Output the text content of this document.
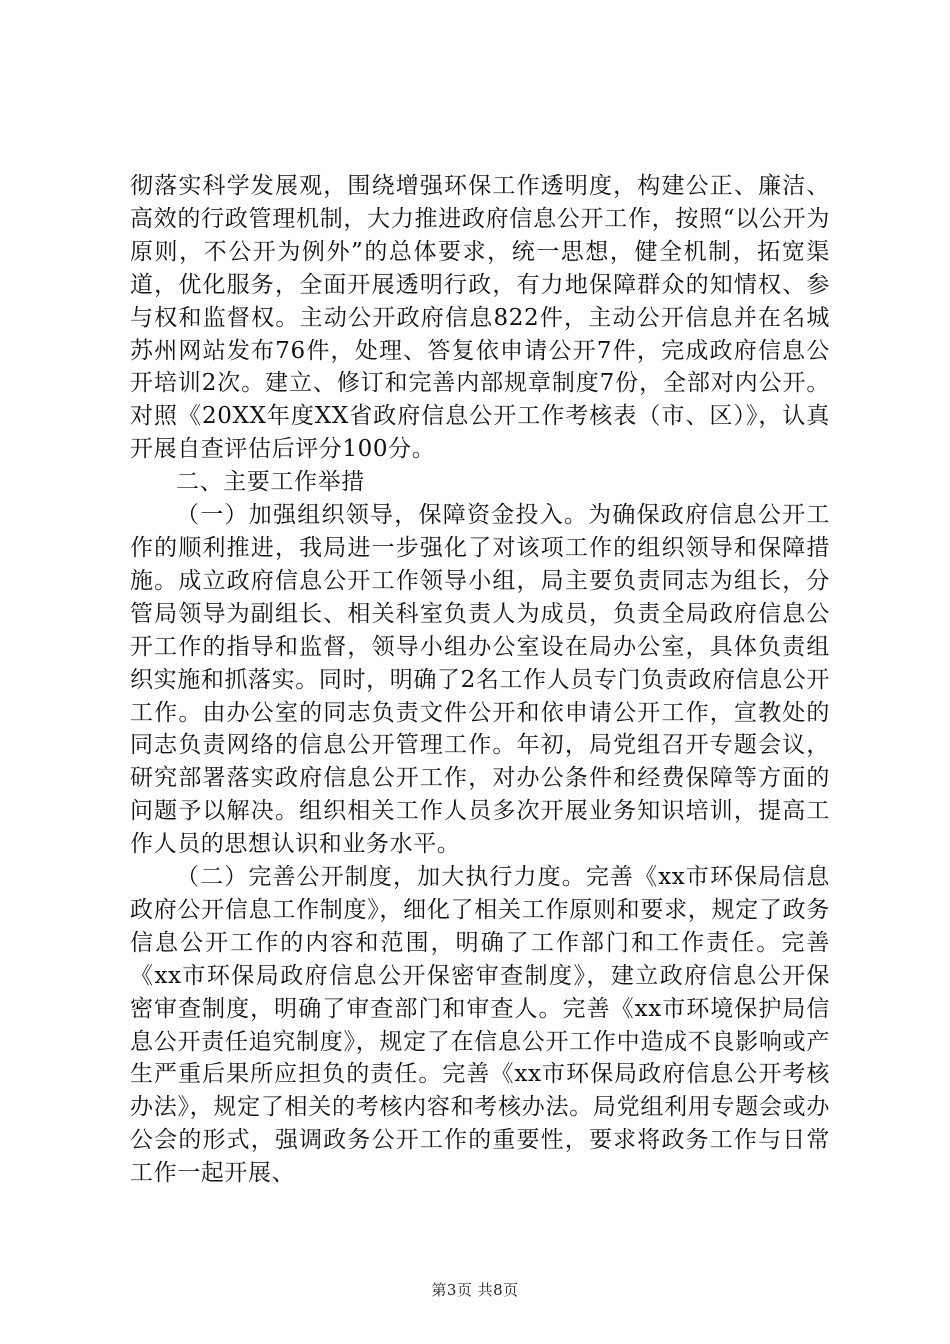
彻落实科学发展观，围绕增强环保工作透明度，构建公正、廉洁、高效的行政管理机制，大力推进政府信息公开工作，按照“以公开为原则，不公开为例外”的总体要求，统一思想，健全机制，拓宽渠道，优化服务，全面开展透明行政，有力地保障群众的知情权、参与权和监督权。主动公开政府信息822件，主动公开信息并在名城苏州网站发布76件，处理、答复依申请公开7件，完成政府信息公开培训2次。建立、修订和完善内部规章制度7份，全部对内公开。对照《20XX年度XX省政府信息公开工作考核表（市、区）》，认真开展自查评估后评分100分。

二、主要工作举措

（一）加强组织领导，保障资金投入。为确保政府信息公开工作的顺利推进，我局进一步强化了对该项工作的组织领导和保障措施。成立政府信息公开工作领导小组，局主要负责同志为组长，分管局领导为副组长、相关科室负责人为成员，负责全局政府信息公开工作的指导和监督，领导小组办公室设在局办公室，具体负责组织实施和抓落实。同时，明确了2名工作人员专门负责政府信息公开工作。由办公室的同志负责文件公开和依申请公开工作，宣教处的同志负责网络的信息公开管理工作。年初，局党组召开专题会议，研究部署落实政府信息公开工作，对办公条件和经费保障等方面的问题予以解决。组织相关工作人员多次开展业务知识培训，提高工作人员的思想认识和业务水平。

（二）完善公开制度，加大执行力度。完善《xx市环保局信息政府公开信息工作制度》，细化了相关工作原则和要求，规定了政务信息公开工作的内容和范围，明确了工作部门和工作责任。完善《xx市环保局政府信息公开保密审查制度》，建立政府信息公开保密审查制度，明确了审查部门和审查人。完善《xx市环境保护局信息公开责任追究制度》，规定了在信息公开工作中造成不良影响或产生严重后果所应担负的责任。完善《xx市环保局政府信息公开考核办法》，规定了相关的考核内容和考核办法。局党组利用专题会或办公会的形式，强调政务公开工作的重要性，要求将政务工作与日常工作一起开展、

第3页 共8页
